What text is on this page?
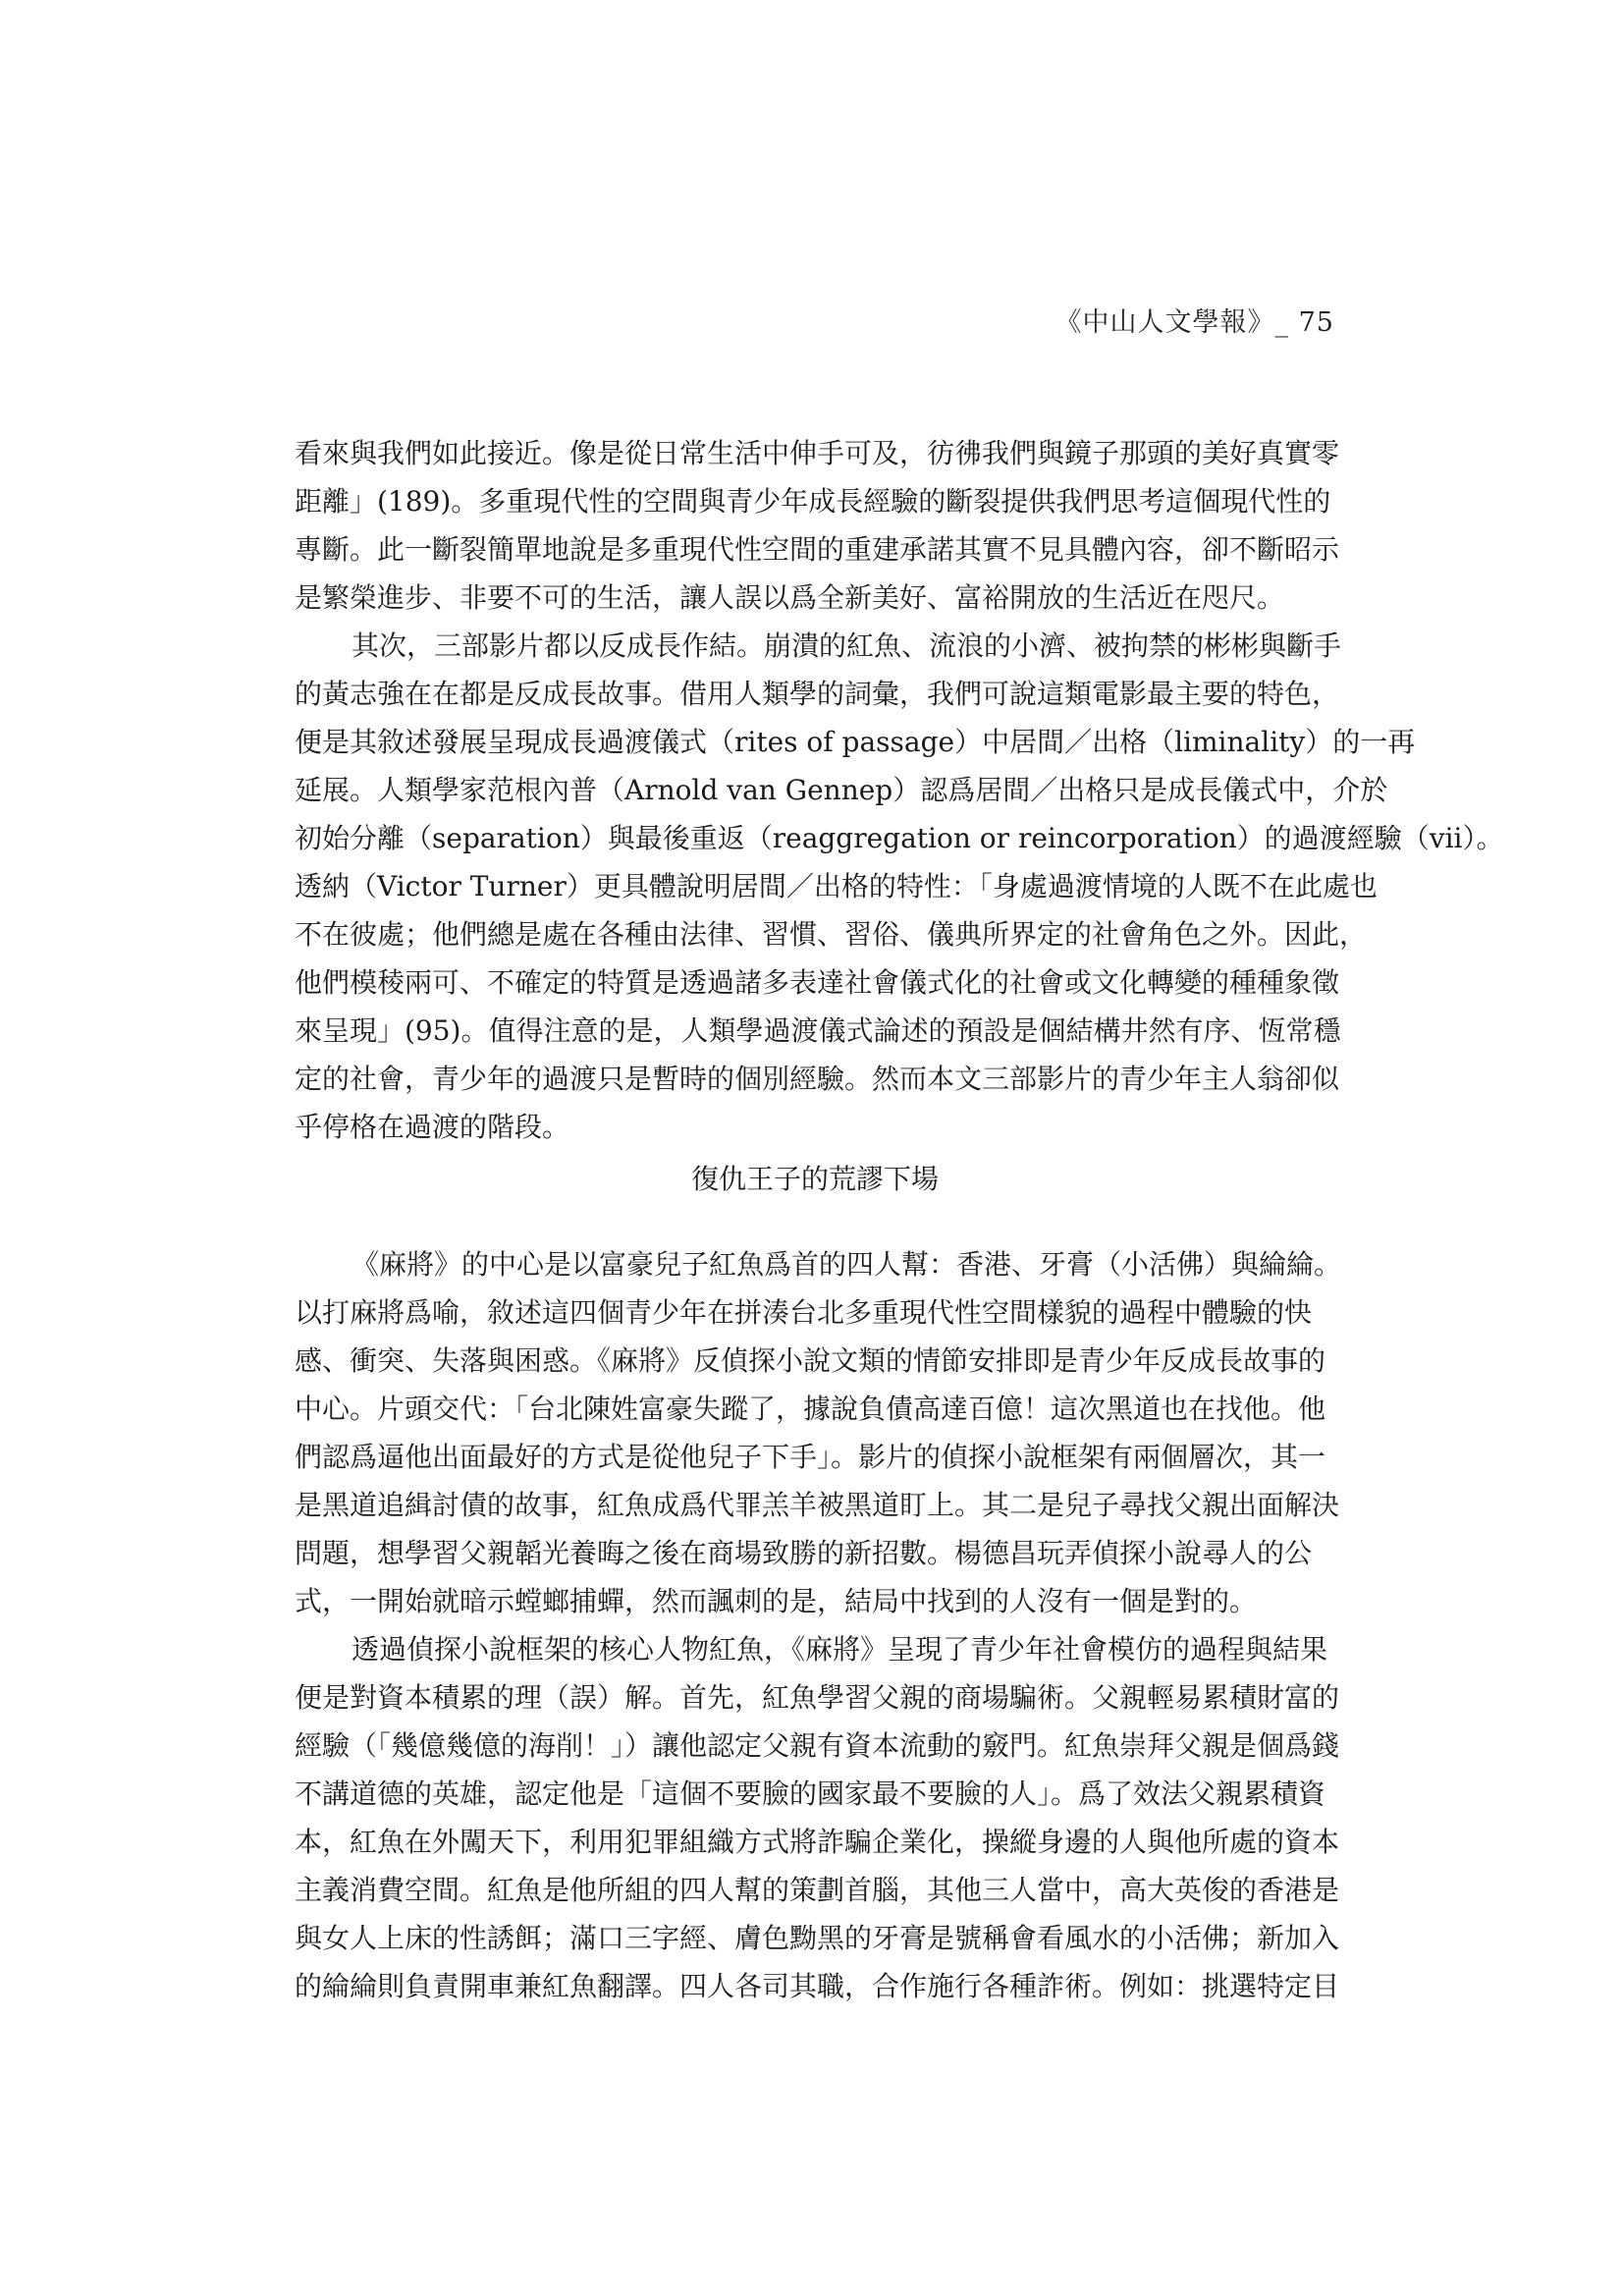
《中山人文學報》_ 75
看來與我們如此接近。像是從日常生活中伸手可及，彷彿我們與鏡子那頭的美好真實零
距離」(189)。多重現代性的空間與青少年成長經驗的斷裂提供我們思考這個現代性的
專斷。此一斷裂簡單地說是多重現代性空間的重建承諾其實不見具體內容，卻不斷昭示
是繁榮進步、非要不可的生活，讓人誤以爲全新美好、富裕開放的生活近在咫尺。
其次，三部影片都以反成長作結。崩潰的紅魚、流浪的小濟、被拘禁的彬彬與斷手
的黃志強在在都是反成長故事。借用人類學的詞彙，我們可說這類電影最主要的特色，
便是其敘述發展呈現成長過渡儀式（rites of passage）中居間／出格（liminality）的一再
延展。人類學家范根內普（Arnold van Gennep）認爲居間／出格只是成長儀式中，介於
初始分離（separation）與最後重返（reaggregation or reincorporation）的過渡經驗（vii）。
透納（Victor Turner）更具體說明居間／出格的特性：「身處過渡情境的人既不在此處也
不在彼處；他們總是處在各種由法律、習慣、習俗、儀典所界定的社會角色之外。因此，
他們模稜兩可、不確定的特質是透過諸多表達社會儀式化的社會或文化轉變的種種象徵
來呈現」(95)。值得注意的是，人類學過渡儀式論述的預設是個結構井然有序、恆常穩
定的社會，青少年的過渡只是暫時的個別經驗。然而本文三部影片的青少年主人翁卻似
乎停格在過渡的階段。
復仇王子的荒謬下場
《麻將》的中心是以富豪兒子紅魚爲首的四人幫：香港、牙膏（小活佛）與綸綸。
以打麻將爲喻，敘述這四個青少年在拼湊台北多重現代性空間樣貌的過程中體驗的快
感、衝突、失落與困惑。《麻將》反偵探小說文類的情節安排即是青少年反成長故事的
中心。片頭交代：「台北陳姓富豪失蹤了，據說負債高達百億！這次黑道也在找他。他
們認爲逼他出面最好的方式是從他兒子下手」。影片的偵探小說框架有兩個層次，其一
是黑道追緝討債的故事，紅魚成爲代罪羔羊被黑道盯上。其二是兒子尋找父親出面解決
問題，想學習父親韜光養晦之後在商場致勝的新招數。楊德昌玩弄偵探小說尋人的公
式，一開始就暗示螳螂捕蟬，然而諷刺的是，結局中找到的人沒有一個是對的。
透過偵探小說框架的核心人物紅魚，《麻將》呈現了青少年社會模仿的過程與結果
便是對資本積累的理（誤）解。首先，紅魚學習父親的商場騙術。父親輕易累積財富的
經驗（「幾億幾億的海削！」）讓他認定父親有資本流動的竅門。紅魚崇拜父親是個爲錢
不講道德的英雄，認定他是「這個不要臉的國家最不要臉的人」。爲了效法父親累積資
本，紅魚在外闖天下，利用犯罪組織方式將詐騙企業化，操縱身邊的人與他所處的資本
主義消費空間。紅魚是他所組的四人幫的策劃首腦，其他三人當中，高大英俊的香港是
與女人上床的性誘餌；滿口三字經、膚色黝黑的牙膏是號稱會看風水的小活佛；新加入
的綸綸則負責開車兼紅魚翻譯。四人各司其職，合作施行各種詐術。例如：挑選特定目
